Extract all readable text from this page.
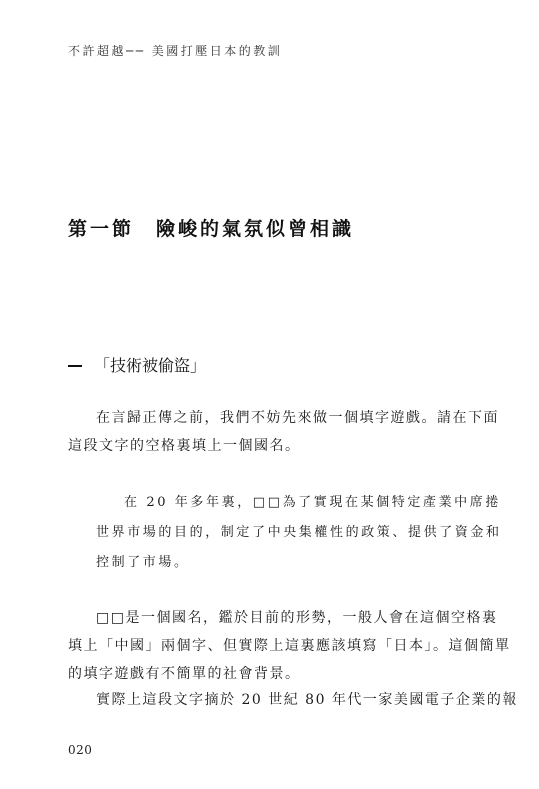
不許超越── 美國打壓日本的教訓
第一節 險峻的氣氛似曾相識
「技術被偷盜」
在言歸正傳之前，我們不妨先來做一個填字遊戲。請在下面
這段文字的空格裏填上一個國名。
在 20 年多年裏，□□為了實現在某個特定產業中席捲
世界市場的目的，制定了中央集權性的政策、提供了資金和
控制了市場。
□□是一個國名，鑑於目前的形勢，一般人會在這個空格裏
填上「中國」兩個字、但實際上這裏應該填寫「日本」。這個簡單
的填字遊戲有不簡單的社會背景。
實際上這段文字摘於 20 世紀 80 年代一家美國電子企業的報
020
